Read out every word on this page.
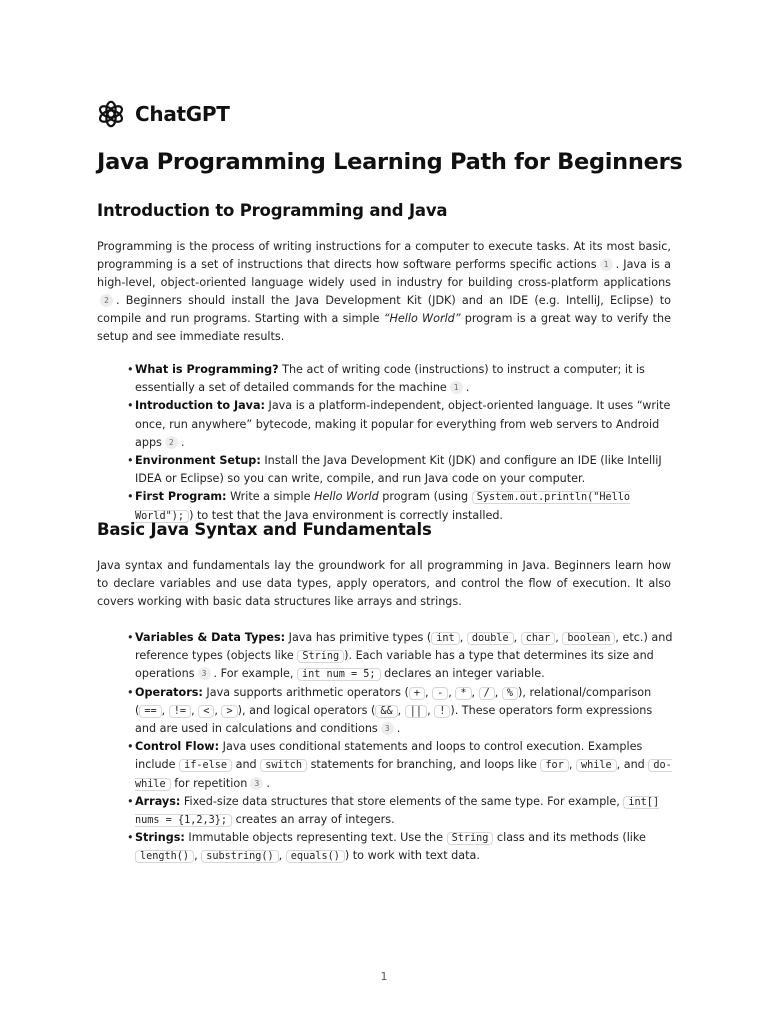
ChatGPT
Java Programming Learning Path for Beginners
Introduction to Programming and Java

Programming is the process of writing instructions for a computer to execute tasks. At its most basic, programming is a set of instructions that directs how software performs specific actions 1 . Java is a high-level, object-oriented language widely used in industry for building cross-platform applications2 . Beginners should install the Java Development Kit (JDK) and an IDE (e.g. IntelliJ, Eclipse) to compile and run programs. Starting with a simple “Hello World” program is a great way to verify the setup and see immediate results.

• What is Programming? The act of writing code (instructions) to instruct a computer; it is essentially a set of detailed commands for the machine 1 .
• Introduction to Java: Java is a platform-independent, object-oriented language. It uses “write once, run anywhere” bytecode, making it popular for everything from web servers to Android apps 2 .
• Environment Setup: Install the Java Development Kit (JDK) and configure an IDE (like IntelliJ IDEA or Eclipse) so you can write, compile, and run Java code on your computer.
• First Program: Write a simple Hello World program (using System.out.println("Hello World"); ) to test that the Java environment is correctly installed.
Basic Java Syntax and Fundamentals

Java syntax and fundamentals lay the groundwork for all programming in Java. Beginners learn how to declare variables and use data types, apply operators, and control the flow of execution. It also covers working with basic data structures like arrays and strings.

• Variables & Data Types: Java has primitive types ( int , double , char , boolean , etc.) and reference types (objects like String ). Each variable has a type that determines its size and operations 3 . For example, int num = 5; declares an integer variable.
• Operators: Java supports arithmetic operators ( + , - , * , / , % ), relational/comparison ( == , != , < , > ), and logical operators ( && , || , ! ). These operators form expressions and are used in calculations and conditions 3 .
• Control Flow: Java uses conditional statements and loops to control execution. Examples include if-else and switch statements for branching, and loops like for , while , and do-while for repetition 3 .
• Arrays: Fixed-size data structures that store elements of the same type. For example, int[] nums = {1,2,3}; creates an array of integers.
• Strings: Immutable objects representing text. Use the String class and its methods (like length() , substring() , equals() ) to work with text data.
1
